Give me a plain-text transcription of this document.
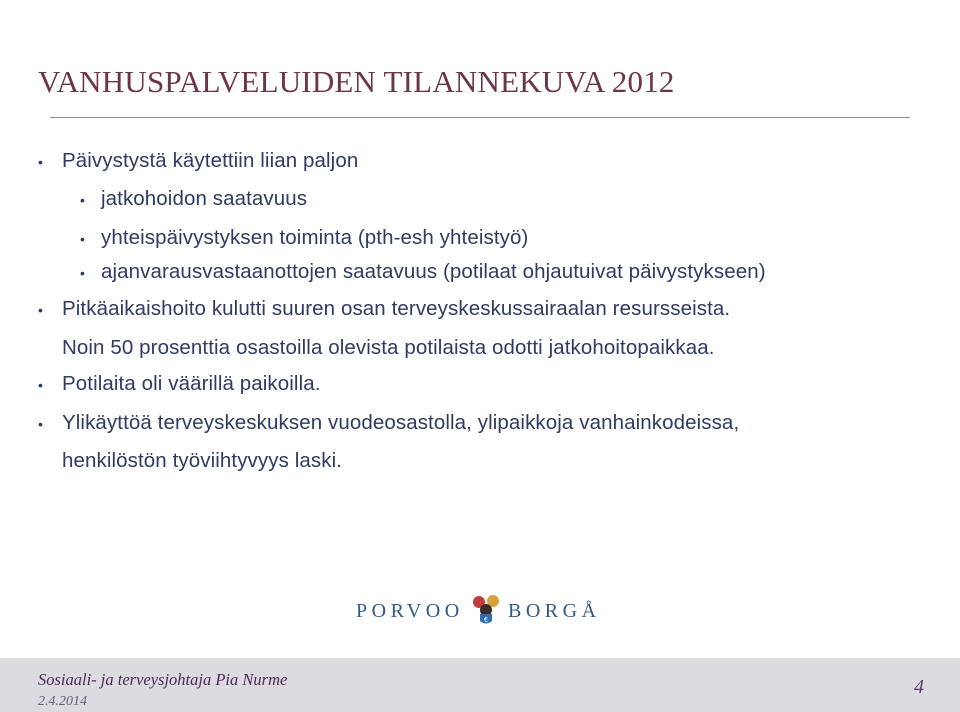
VANHUSPALVELUIDEN TILANNEKUVA 2012
• Päivystystä käytettiin liian paljon
• jatkohoidon saatavuus
• yhteispäivystyksen toiminta (pth-esh yhteistyö)
• ajanvarausvastaanottojen saatavuus (potilaat ohjautuivat päivystykseen)
• Pitkäaikaishoito kulutti suuren osan terveyskeskussairaalan resursseista.
Noin 50 prosenttia osastoilla olevista potilaista odotti jatkohoitopaikkaa.
• Potilaita oli väärillä paikoilla.
• Ylikäyttöä terveyskeskuksen vuodeosastolla, ylipaikkoja vanhainkodeissa,
henkilöstön työviihtyvyys laski.
PORVOO	€ BORGÅ
Sosiaali- ja terveysjohtaja Pia Nurme
2.4.2014
4
